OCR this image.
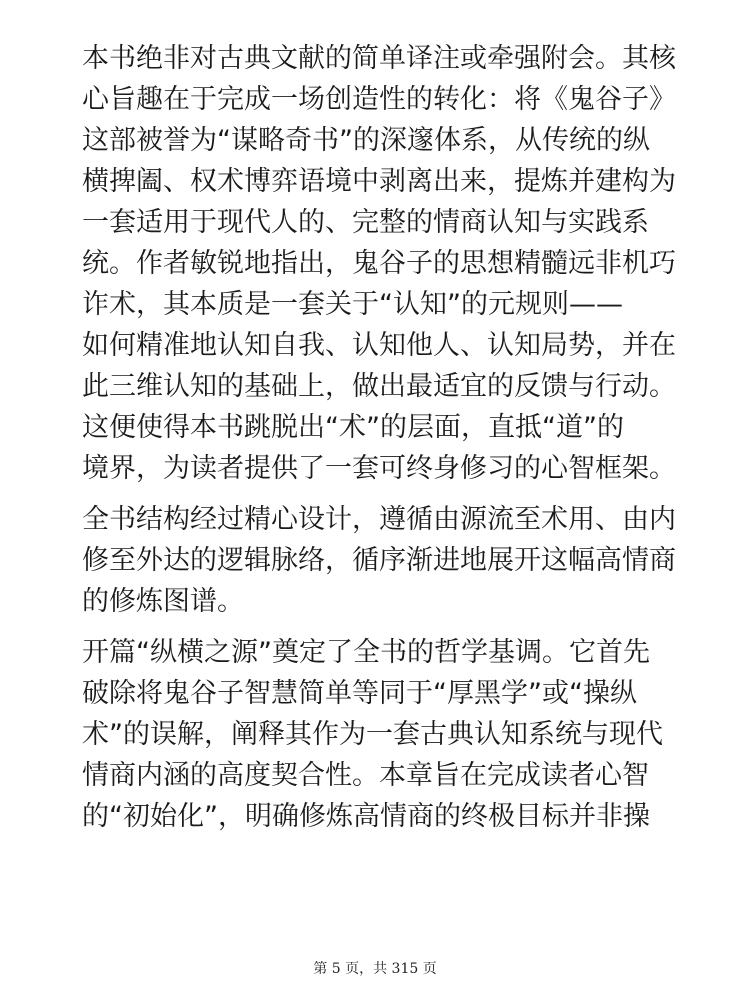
本书绝非对古典文献的简单译注或牵强附会。其核
心旨趣在于完成一场创造性的转化：将《鬼谷子》
这部被誉为“谋略奇书”的深邃体系，从传统的纵
横捭阖、权术博弈语境中剥离出来，提炼并建构为
一套适用于现代人的、完整的情商认知与实践系
统。作者敏锐地指出，鬼谷子的思想精髓远非机巧
诈术，其本质是一套关于“认知”的元规则——
如何精准地认知自我、认知他人、认知局势，并在
此三维认知的基础上，做出最适宜的反馈与行动。
这便使得本书跳脱出“术”的层面，直抵“道”的
境界，为读者提供了一套可终身修习的心智框架。
全书结构经过精心设计，遵循由源流至术用、由内
修至外达的逻辑脉络，循序渐进地展开这幅高情商
的修炼图谱。
开篇“纵横之源”奠定了全书的哲学基调。它首先
破除将鬼谷子智慧简单等同于“厚黑学”或“操纵
术”的误解，阐释其作为一套古典认知系统与现代
情商内涵的高度契合性。本章旨在完成读者心智
的“初始化”，明确修炼高情商的终极目标并非操
第 5 页，共 315 页
